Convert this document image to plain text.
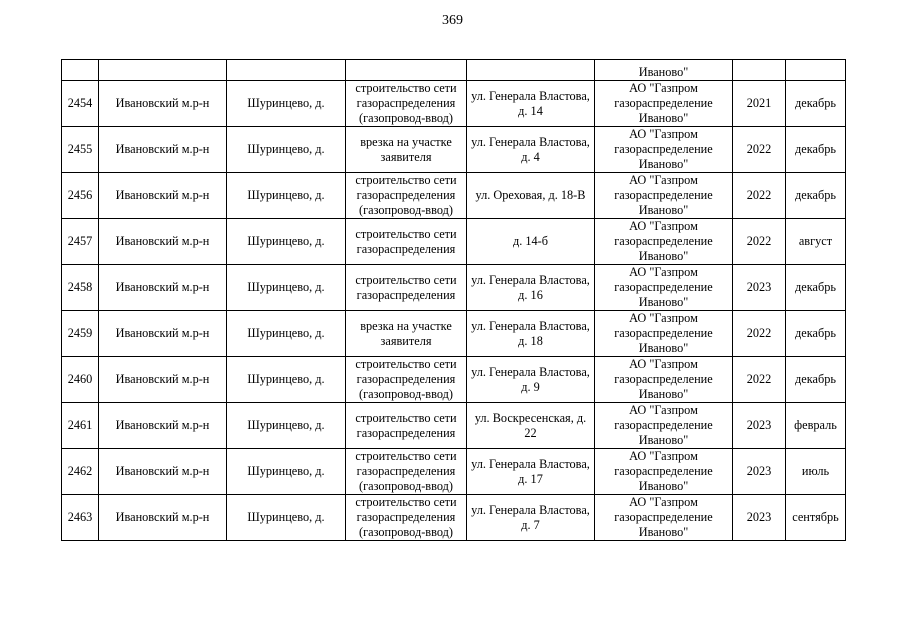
369
					Иваново"		
2454	Ивановский м.р-н	Шуринцево, д.	строительство сети газораспределения (газопровод-ввод)	ул. Генерала Властова, д. 14	АО "Газпром газораспределение Иваново"	2021	декабрь
2455	Ивановский м.р-н	Шуринцево, д.	врезка на участке заявителя	ул. Генерала Властова, д. 4	АО "Газпром газораспределение Иваново"	2022	декабрь
2456	Ивановский м.р-н	Шуринцево, д.	строительство сети газораспределения (газопровод-ввод)	ул. Ореховая, д. 18-В	АО "Газпром газораспределение Иваново"	2022	декабрь
2457	Ивановский м.р-н	Шуринцево, д.	строительство сети газораспределения	д. 14-б	АО "Газпром газораспределение Иваново"	2022	август
2458	Ивановский м.р-н	Шуринцево, д.	строительство сети газораспределения	ул. Генерала Властова, д. 16	АО "Газпром газораспределение Иваново"	2023	декабрь
2459	Ивановский м.р-н	Шуринцево, д.	врезка на участке заявителя	ул. Генерала Властова, д. 18	АО "Газпром газораспределение Иваново"	2022	декабрь
2460	Ивановский м.р-н	Шуринцево, д.	строительство сети газораспределения (газопровод-ввод)	ул. Генерала Властова, д. 9	АО "Газпром газораспределение Иваново"	2022	декабрь
2461	Ивановский м.р-н	Шуринцево, д.	строительство сети газораспределения	ул. Воскресенская, д. 22	АО "Газпром газораспределение Иваново"	2023	февраль
2462	Ивановский м.р-н	Шуринцево, д.	строительство сети газораспределения (газопровод-ввод)	ул. Генерала Властова, д. 17	АО "Газпром газораспределение Иваново"	2023	июль
2463	Ивановский м.р-н	Шуринцево, д.	строительство сети газораспределения (газопровод-ввод)	ул. Генерала Властова, д. 7	АО "Газпром газораспределение Иваново"	2023	сентябрь
